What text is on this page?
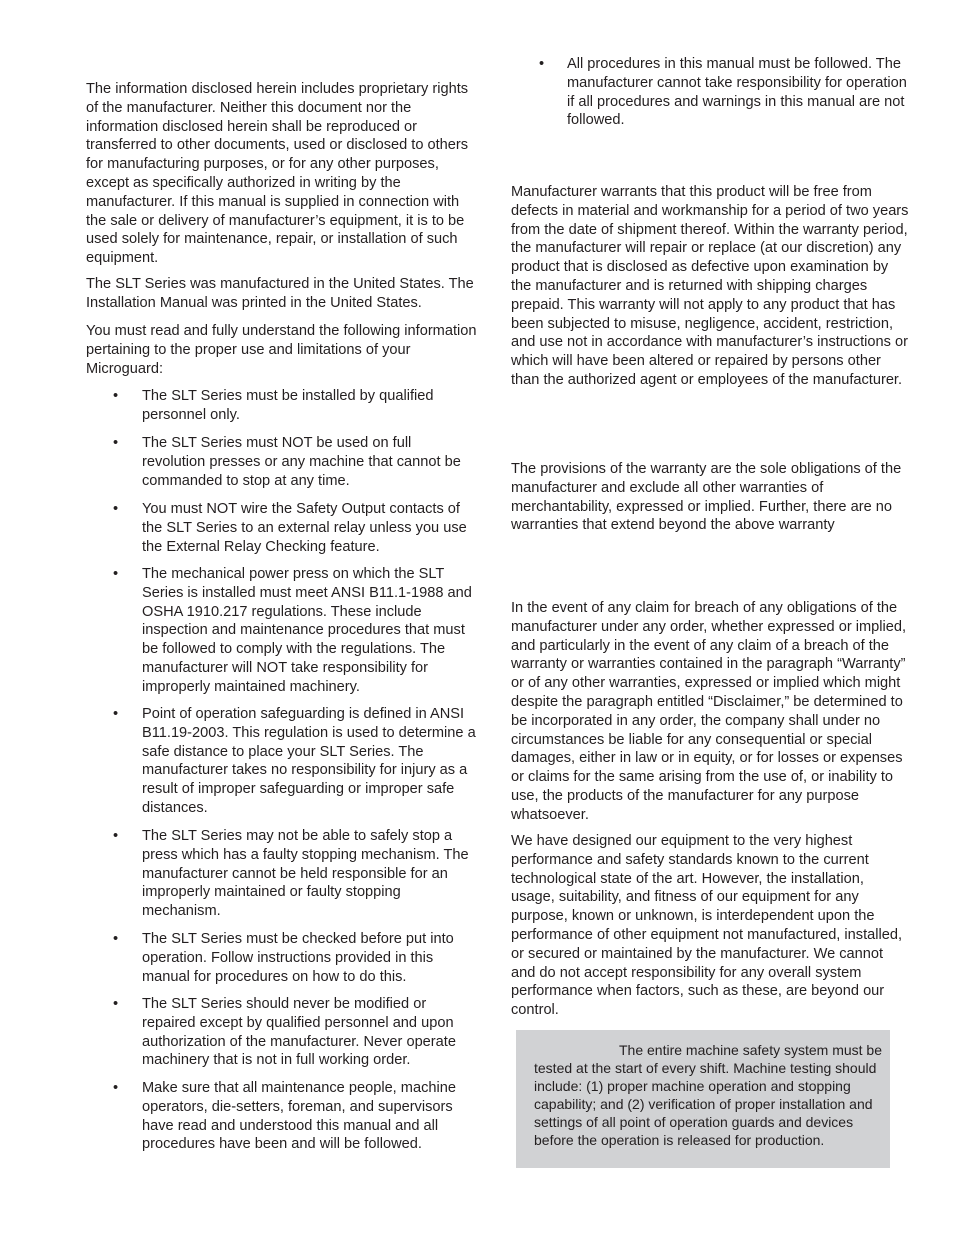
The information disclosed herein includes proprietary rights of the manufacturer. Neither this document nor the information disclosed herein shall be reproduced or transferred to other documents, used or disclosed to others for manufacturing purposes, or for any other purposes, except as specifically authorized in writing by the manufacturer. If this manual is supplied in connection with the sale or delivery of manufacturer’s equipment, it is to be used solely for maintenance, repair, or installation of such equipment.

The SLT Series was manufactured in the United States. The Installation Manual was printed in the United States.

You must read and fully understand the following information pertaining to the proper use and limitations of your Microguard:

• The SLT Series must be installed by qualified personnel only.
• The SLT Series must NOT be used on full revolution presses or any machine that cannot be commanded to stop at any time.
• You must NOT wire the Safety Output contacts of the SLT Series to an external relay unless you use the External Relay Checking feature.
• The mechanical power press on which the SLT Series is installed must meet ANSI B11.1-1988 and OSHA 1910.217 regulations. These include inspection and maintenance procedures that must be followed to comply with the regulations. The manufacturer will NOT take responsibility for improperly maintained machinery.
• Point of operation safeguarding is defined in ANSI B11.19-2003. This regulation is used to determine a safe distance to place your SLT Series. The manufacturer takes no responsibility for injury as a result of improper safeguarding or improper safe distances.
• The SLT Series may not be able to safely stop a press which has a faulty stopping mechanism. The manufacturer cannot be held responsible for an improperly maintained or faulty stopping mechanism.
• The SLT Series must be checked before put into operation. Follow instructions provided in this manual for procedures on how to do this.
• The SLT Series should never be modified or repaired except by qualified personnel and upon authorization of the manufacturer. Never operate machinery that is not in full working order.
• Make sure that all maintenance people, machine operators, die-setters, foreman, and supervisors have read and understood this manual and all procedures have been and will be followed.

• All procedures in this manual must be followed. The manufacturer cannot take responsibility for operation if all procedures and warnings in this manual are not followed.

Manufacturer warrants that this product will be free from defects in material and workmanship for a period of two years from the date of shipment thereof. Within the warranty period, the manufacturer will repair or replace (at our discretion) any product that is disclosed as defective upon examination by the manufacturer and is returned with shipping charges prepaid. This warranty will not apply to any product that has been subjected to misuse, negligence, accident, restriction, and use not in accordance with manufacturer’s instructions or which will have been altered or repaired by persons other than the authorized agent or employees of the manufacturer.

The provisions of the warranty are the sole obligations of the manufacturer and exclude all other warranties of merchantability, expressed or implied. Further, there are no warranties that extend beyond the above warranty

In the event of any claim for breach of any obligations of the manufacturer under any order, whether expressed or implied, and particularly in the event of any claim of a breach of the warranty or warranties contained in the paragraph “Warranty” or of any other warranties, expressed or implied which might despite the paragraph entitled “Disclaimer,” be determined to be incorporated in any order, the company shall under no circumstances be liable for any consequential or special damages, either in law or in equity, or for losses or expenses or claims for the same arising from the use of, or inability to use, the products of the manufacturer for any purpose whatsoever.

We have designed our equipment to the very highest performance and safety standards known to the current technological state of the art. However, the installation, usage, suitability, and fitness of our equipment for any purpose, known or unknown, is interdependent upon the performance of other equipment not manufactured, installed, or secured or maintained by the manufacturer. We cannot and do not accept responsibility for any overall system performance when factors, such as these, are beyond our control.

The entire machine safety system must be tested at the start of every shift. Machine testing should include: (1) proper machine operation and stopping capability; and (2) verification of proper installation and settings of all point of operation guards and devices before the operation is released for production.
